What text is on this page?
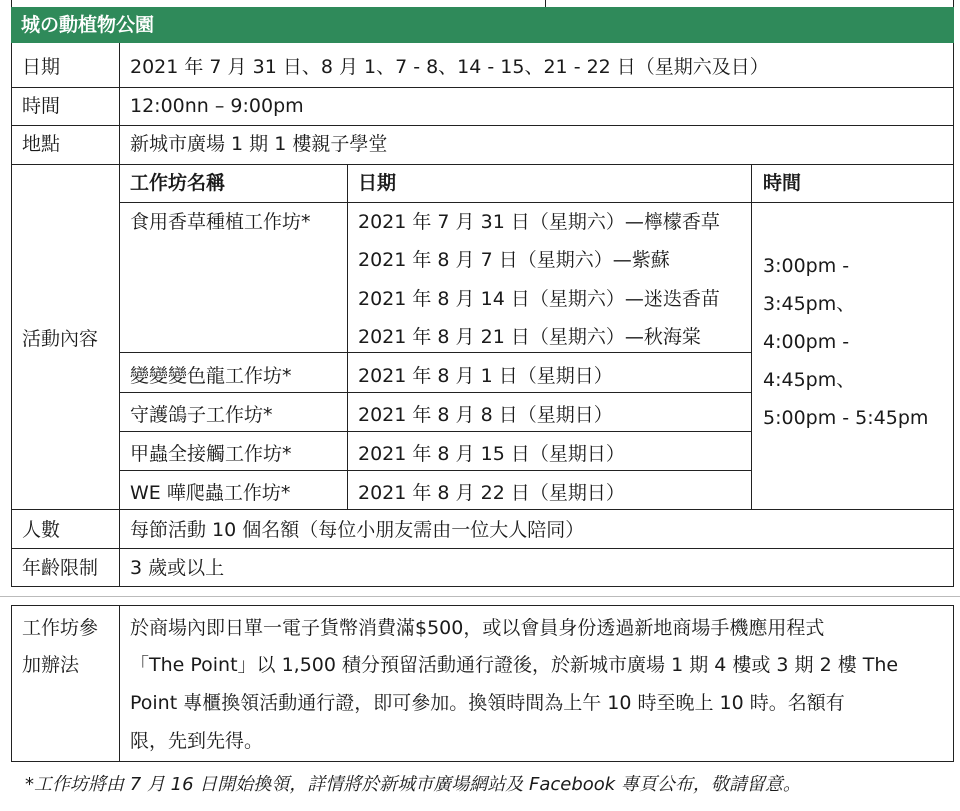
城の動植物公園
日期	2021 年 7 月 31 日、8 月 1、7 - 8、14 - 15、21 - 22 日（星期六及日）
時間	12:00nn – 9:00pm
地點	新城市廣場 1 期 1 樓親子學堂
活動內容
工作坊名稱	日期	時間
食用香草種植工作坊* 2021 年 7 月 31 日（星期六）—檸檬香草
2021 年 8 月 7 日（星期六）—紫蘇
2021 年 8 月 14 日（星期六）—迷迭香苗
2021 年 8 月 21 日（星期六）—秋海棠
變變變色龍工作坊*	2021 年 8 月 1 日（星期日）
守護鴿子工作坊*	2021 年 8 月 8 日（星期日）
甲蟲全接觸工作坊*	2021 年 8 月 15 日（星期日）
WE 嘩爬蟲工作坊*	2021 年 8 月 22 日（星期日）
3:00pm -
3:45pm、
4:00pm -
4:45pm、
5:00pm - 5:45pm
人數	每節活動 10 個名額（每位小朋友需由一位大人陪同）
年齡限制 3 歲或以上
工作坊參
加辦法
於商場內即日單一電子貨幣消費滿$500，或以會員身份透過新地商場手機應用程式
「The Point」以 1,500 積分預留活動通行證後，於新城市廣場 1 期 4 樓或 3 期 2 樓 The
Point 專櫃換領活動通行證，即可參加。換領時間為上午 10 時至晚上 10 時。名額有
限，先到先得。
*工作坊將由 7 月 16 日開始換領，詳情將於新城市廣場網站及 Facebook 專頁公布，敬請留意。
